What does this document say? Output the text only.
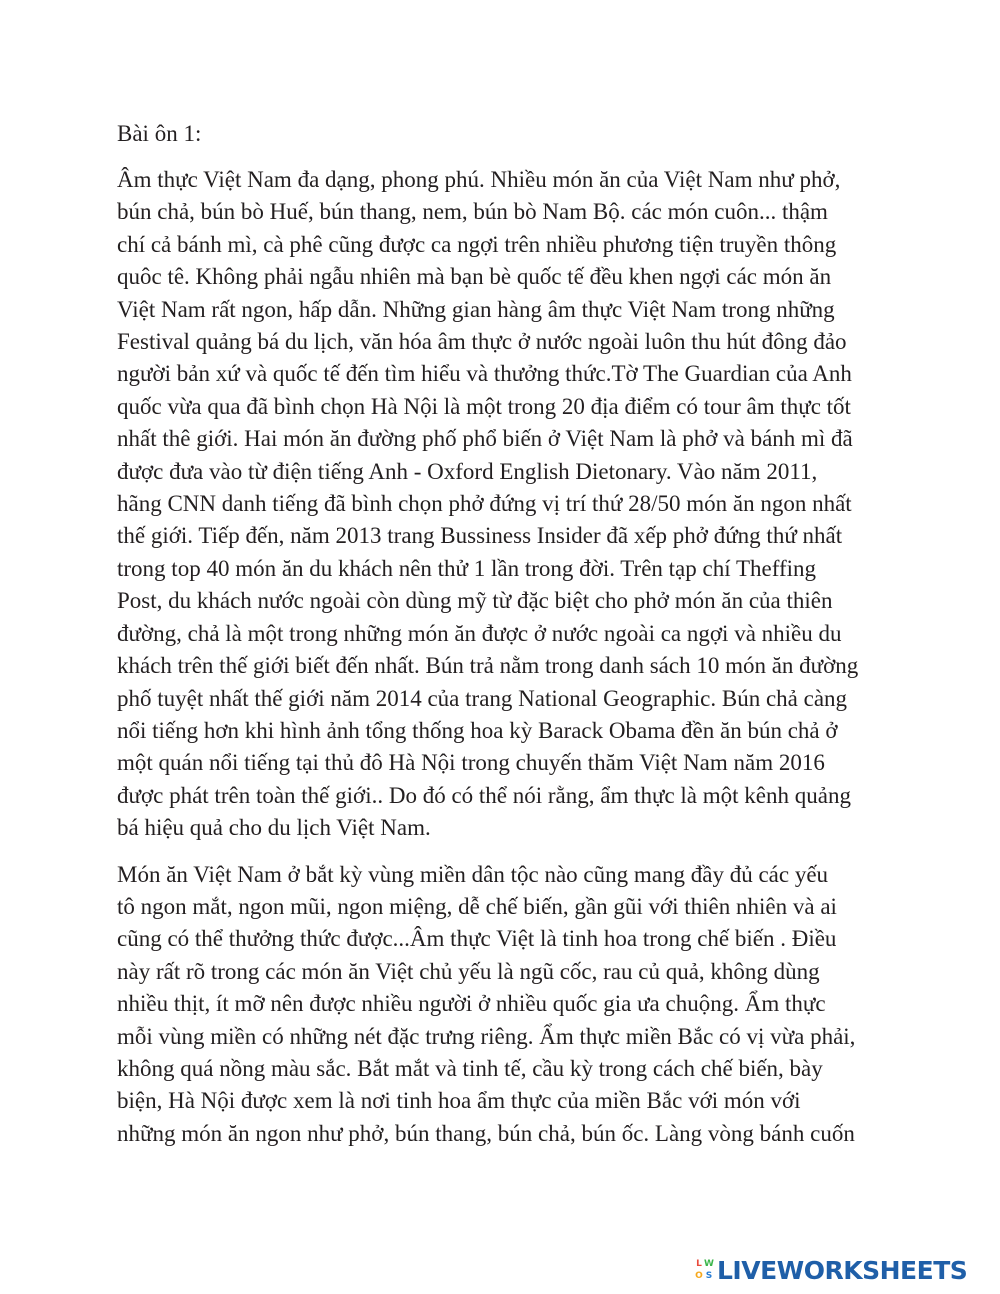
Bài ôn 1:
Âm thực Việt Nam đa dạng, phong phú. Nhiều món ăn của Việt Nam như phở,
bún chả, bún bò Huế, bún thang, nem, bún bò Nam Bộ. các món cuôn... thậm
chí cả bánh mì, cà phê cũng được ca ngợi trên nhiều phương tiện truyền thông
quôc tê. Không phải ngẫu nhiên mà bạn bè quốc tế đều khen ngợi các món ăn
Việt Nam rất ngon, hấp dẫn. Những gian hàng âm thực Việt Nam trong những
Festival quảng bá du lịch, văn hóa âm thực ở nước ngoài luôn thu hút đông đảo
người bản xứ và quốc tế đến tìm hiểu và thưởng thức.Tờ The Guardian của Anh
quốc vừa qua đã bình chọn Hà Nội là một trong 20 địa điểm có tour âm thực tốt
nhất thê giới. Hai món ăn đường phố phổ biến ở Việt Nam là phở và bánh mì đã
được đưa vào từ điện tiếng Anh - Oxford English Dietonary. Vào năm 2011,
hãng CNN danh tiếng đã bình chọn phở đứng vị trí thứ 28/50 món ăn ngon nhất
thế giới. Tiếp đến, năm 2013 trang Bussiness Insider đã xếp phở đứng thứ nhất
trong top 40 món ăn du khách nên thử 1 lần trong đời. Trên tạp chí Theffing
Post, du khách nước ngoài còn dùng mỹ từ đặc biệt cho phở món ăn của thiên
đường, chả là một trong những món ăn được ở nước ngoài ca ngợi và nhiều du
khách trên thế giới biết đến nhất. Bún trả nằm trong danh sách 10 món ăn đường
phố tuyệt nhất thế giới năm 2014 của trang National Geographic. Bún chả càng
nổi tiếng hơn khi hình ảnh tổng thống hoa kỳ Barack Obama đền ăn bún chả ở
một quán nổi tiếng tại thủ đô Hà Nội trong chuyến thăm Việt Nam năm 2016
được phát trên toàn thế giới.. Do đó có thể nói rằng, ẩm thực là một kênh quảng
bá hiệu quả cho du lịch Việt Nam.
Món ăn Việt Nam ở bắt kỳ vùng miền dân tộc nào cũng mang đầy đủ các yếu
tô ngon mắt, ngon mũi, ngon miệng, dễ chế biến, gần gũi với thiên nhiên và ai
cũng có thể thưởng thức được...Âm thực Việt là tinh hoa trong chế biến . Điều
này rất rõ trong các món ăn Việt chủ yếu là ngũ cốc, rau củ quả, không dùng
nhiều thịt, ít mỡ nên được nhiều người ở nhiều quốc gia ưa chuộng. Ẩm thực
mỗi vùng miền có những nét đặc trưng riêng. Ẩm thực miền Bắc có vị vừa phải,
không quá nồng màu sắc. Bắt mắt và tinh tế, cầu kỳ trong cách chế biến, bày
biện, Hà Nội được xem là nơi tinh hoa ẩm thực của miền Bắc với món với
những món ăn ngon như phở, bún thang, bún chả, bún ốc. Làng vòng bánh cuốn
L W
O S LIVEWORKSHEETS
